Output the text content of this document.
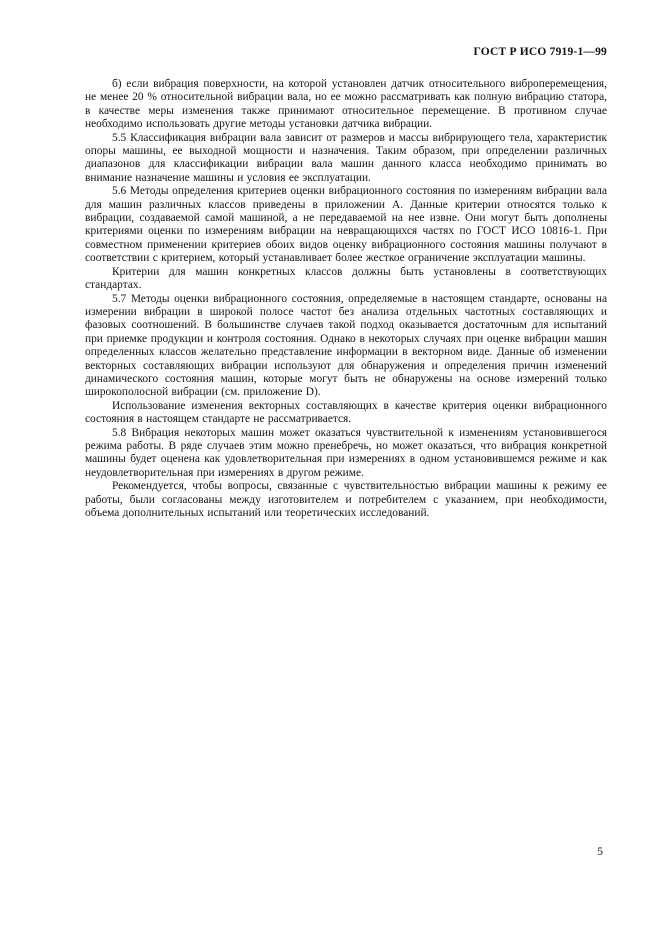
ГОСТ Р ИСО 7919-1—99

б) если вибрация поверхности, на которой установлен датчик относительного виброперемещения, не менее 20 % относительной вибрации вала, но ее можно рассматривать как полную вибрацию статора, в качестве меры изменения также принимают относительное перемещение. В противном случае необходимо использовать другие методы установки датчика вибрации.

5.5 Классификация вибрации вала зависит от размеров и массы вибрирующего тела, характеристик опоры машины, ее выходной мощности и назначения. Таким образом, при определении различных диапазонов для классификации вибрации вала машин данного класса необходимо принимать во внимание назначение машины и условия ее эксплуатации.

5.6 Методы определения критериев оценки вибрационного состояния по измерениям вибрации вала для машин различных классов приведены в приложении А. Данные критерии относятся только к вибрации, создаваемой самой машиной, а не передаваемой на нее извне. Они могут быть дополнены критериями оценки по измерениям вибрации на невращающихся частях по ГОСТ ИСО 10816-1. При совместном применении критериев обоих видов оценку вибрационного состояния машины получают в соответствии с критерием, который устанавливает более жесткое ограничение эксплуатации машины.

Критерии для машин конкретных классов должны быть установлены в соответствующих стандартах.

5.7 Методы оценки вибрационного состояния, определяемые в настоящем стандарте, основаны на измерении вибрации в широкой полосе частот без анализа отдельных частотных составляющих и фазовых соотношений. В большинстве случаев такой подход оказывается достаточным для испытаний при приемке продукции и контроля состояния. Однако в некоторых случаях при оценке вибрации машин определенных классов желательно представление информации в векторном виде. Данные об изменении векторных составляющих вибрации используют для обнаружения и определения причин изменений динамического состояния машин, которые могут быть не обнаружены на основе измерений только широкополосной вибрации (см. приложение D).

Использование изменения векторных составляющих в качестве критерия оценки вибрационного состояния в настоящем стандарте не рассматривается.

5.8 Вибрация некоторых машин может оказаться чувствительной к изменениям установившегося режима работы. В ряде случаев этим можно пренебречь, но может оказаться, что вибрация конкретной машины будет оценена как удовлетворительная при измерениях в одном установившемся режиме и как неудовлетворительная при измерениях в другом режиме.

Рекомендуется, чтобы вопросы, связанные с чувствительностью вибрации машины к режиму ее работы, были согласованы между изготовителем и потребителем с указанием, при необходимости, объема дополнительных испытаний или теоретических исследований.

5
